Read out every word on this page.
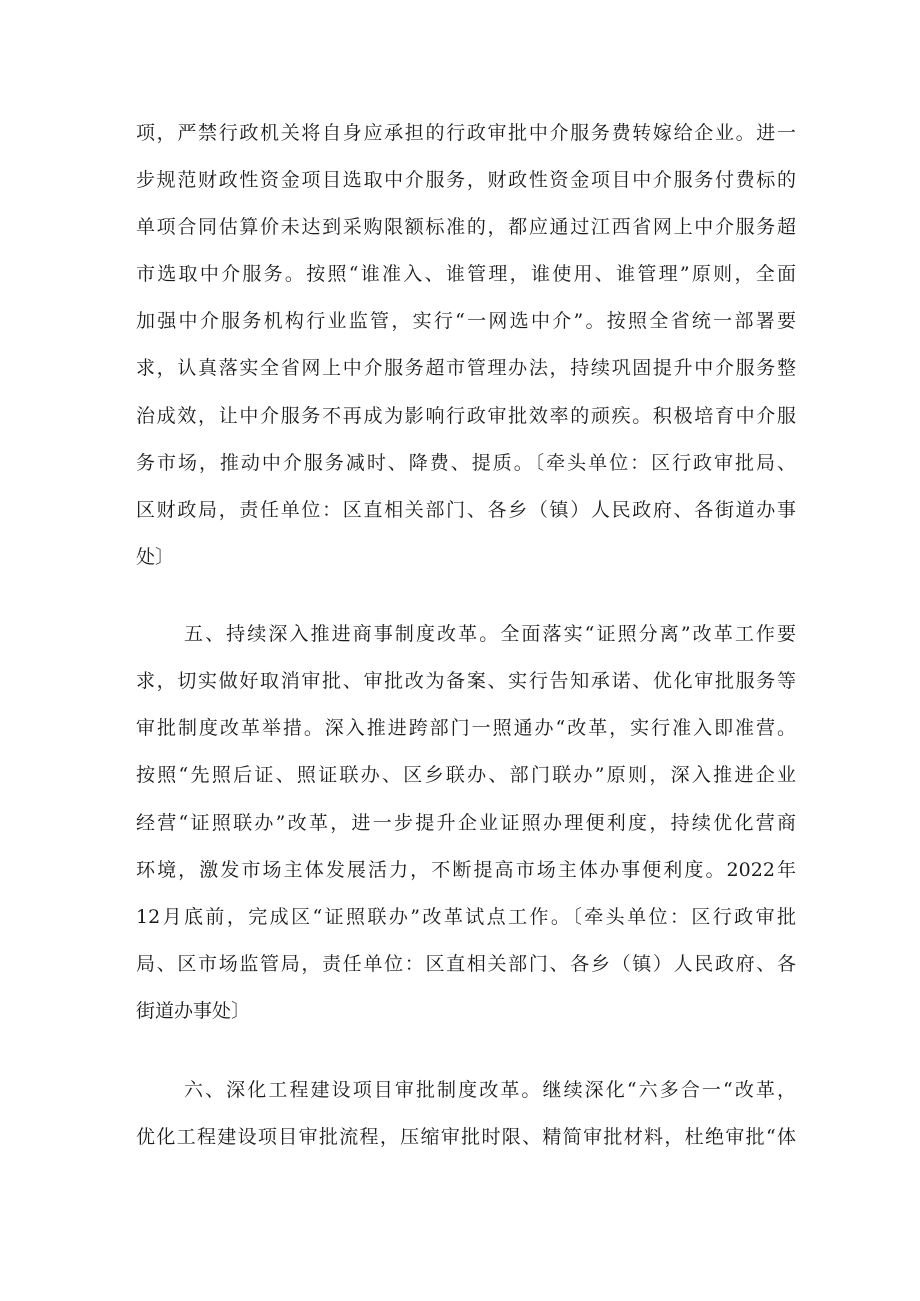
项，严禁行政机关将自身应承担的行政审批中介服务费转嫁给企业。进一
步规范财政性资金项目选取中介服务，财政性资金项目中介服务付费标的
单项合同估算价未达到采购限额标准的，都应通过江西省网上中介服务超
市选取中介服务。按照“谁准入、谁管理，谁使用、谁管理”原则，全面
加强中介服务机构行业监管，实行“一网选中介”。按照全省统一部署要
求，认真落实全省网上中介服务超市管理办法，持续巩固提升中介服务整
治成效，让中介服务不再成为影响行政审批效率的顽疾。积极培育中介服
务市场，推动中介服务减时、降费、提质。〔牵头单位：区行政审批局、
区财政局，责任单位：区直相关部门、各乡（镇）人民政府、各街道办事
处〕
五、持续深入推进商事制度改革。全面落实“证照分离”改革工作要
求，切实做好取消审批、审批改为备案、实行告知承诺、优化审批服务等
审批制度改革举措。深入推进跨部门一照通办“改革，实行准入即准营。
按照“先照后证、照证联办、区乡联办、部门联办”原则，深入推进企业
经营“证照联办”改革，进一步提升企业证照办理便利度，持续优化营商
环境，激发市场主体发展活力，不断提高市场主体办事便利度。2022年
12月底前，完成区“证照联办”改革试点工作。〔牵头单位：区行政审批
局、区市场监管局，责任单位：区直相关部门、各乡（镇）人民政府、各
街道办事处〕
六、深化工程建设项目审批制度改革。继续深化“六多合一“改革，
优化工程建设项目审批流程，压缩审批时限、精简审批材料，杜绝审批“体
